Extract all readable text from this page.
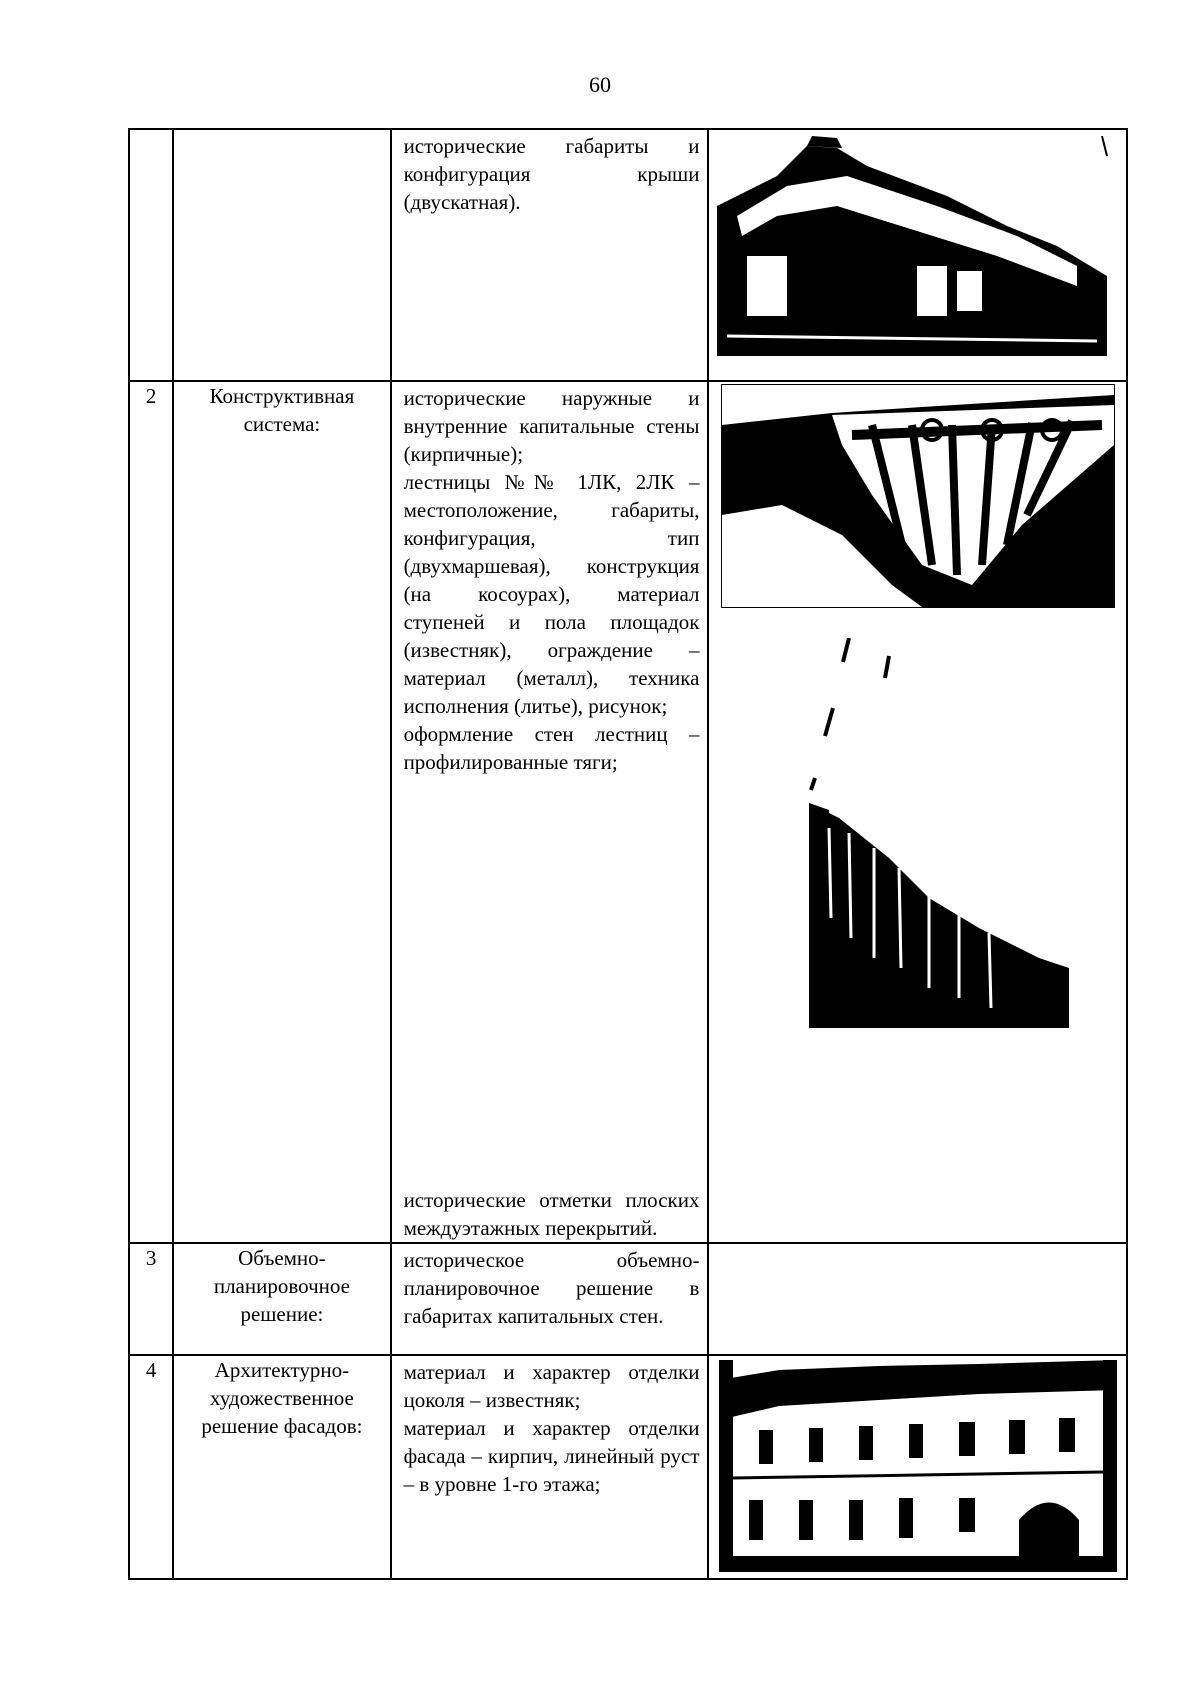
60

		исторические габариты и конфигурация крыши (двускатная).

2	Конструктивная система:	исторические наружные и внутренние капитальные стены (кирпичные);

лестницы №№ 1ЛК, 2ЛК – местоположение, габариты, конфигурация, тип (двухмаршевая), конструкция (на косоурах), материал ступеней и пола площадок (известняк), ограждение – материал (металл), техника исполнения (литье), рисунок;

оформление стен лестниц – профилированные тяги;

исторические отметки плоских междуэтажных перекрытий.

3	Объемно-планировочное решение:	историческое объемно-планировочное решение в габаритах капитальных стен.	

4	Архитектурно-художественное решение фасадов:	материал и характер отделки цоколя – известняк;

материал и характер отделки фасада – кирпич, линейный руст – в уровне 1-го этажа;
